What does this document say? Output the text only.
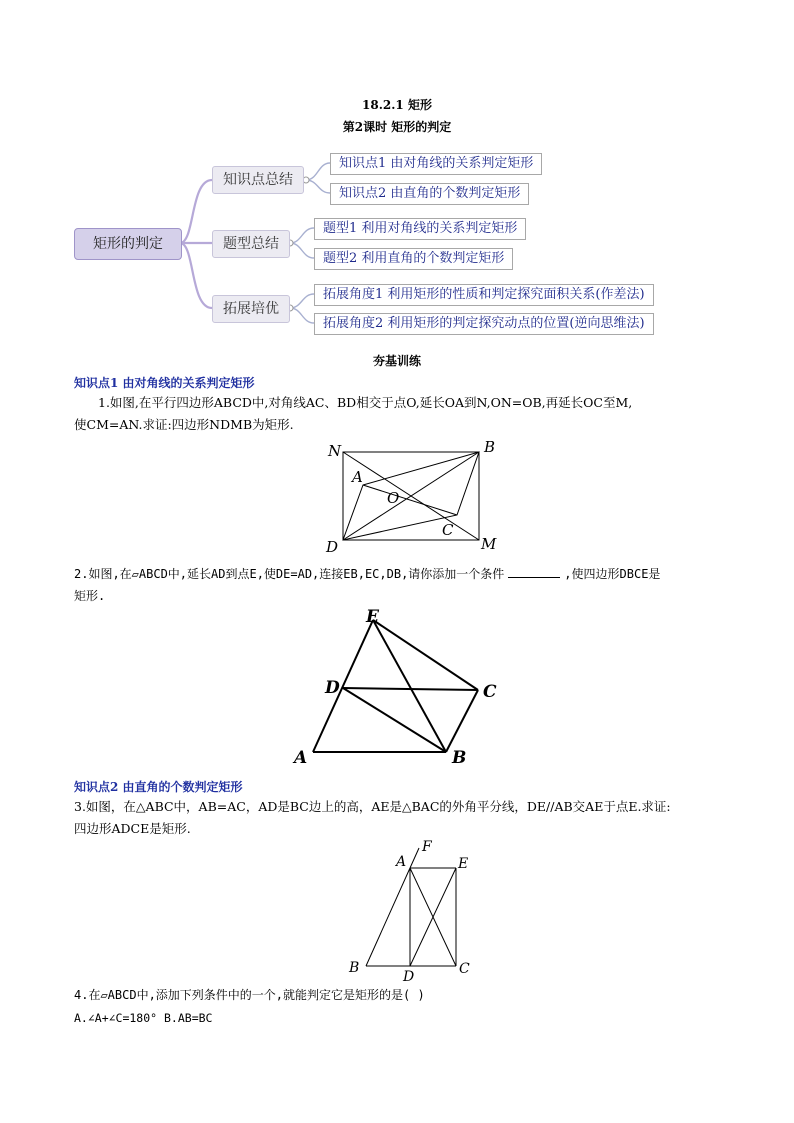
18.2.1 矩形
第2课时 矩形的判定
矩形的判定
知识点总结
题型总结
拓展培优
知识点1 由对角线的关系判定矩形
知识点2 由直角的个数判定矩形
题型1 利用对角线的关系判定矩形
题型2 利用直角的个数判定矩形
拓展角度1 利用矩形的性质和判定探究面积关系(作差法)
拓展角度2 利用矩形的判定探究动点的位置(逆向思维法)
夯基训练
知识点1 由对角线的关系判定矩形
1.如图,在平行四边形ABCD中,对角线AC、BD相交于点O,延长OA到N,ON=OB,再延长OC至M,
使CM=AN.求证:四边形NDMB为矩形.
N	B
A
O
C
D	M
2.如图,在▱ABCD中,延长AD到点E,使DE=AD,连接EB,EC,DB,请你添加一个条件	,使四边形DBCE是
矩形.
E
D	C
A	B
知识点2 由直角的个数判定矩形
3.如图，在△ABC中，AB=AC，AD是BC边上的高，AE是△BAC的外角平分线，DE//AB交AE于点E.求证:
四边形ADCE是矩形.
A
F
E
B
D	C
4.在▱ABCD中,添加下列条件中的一个,就能判定它是矩形的是( )
A.∠A+∠C=180° B.AB=BC
